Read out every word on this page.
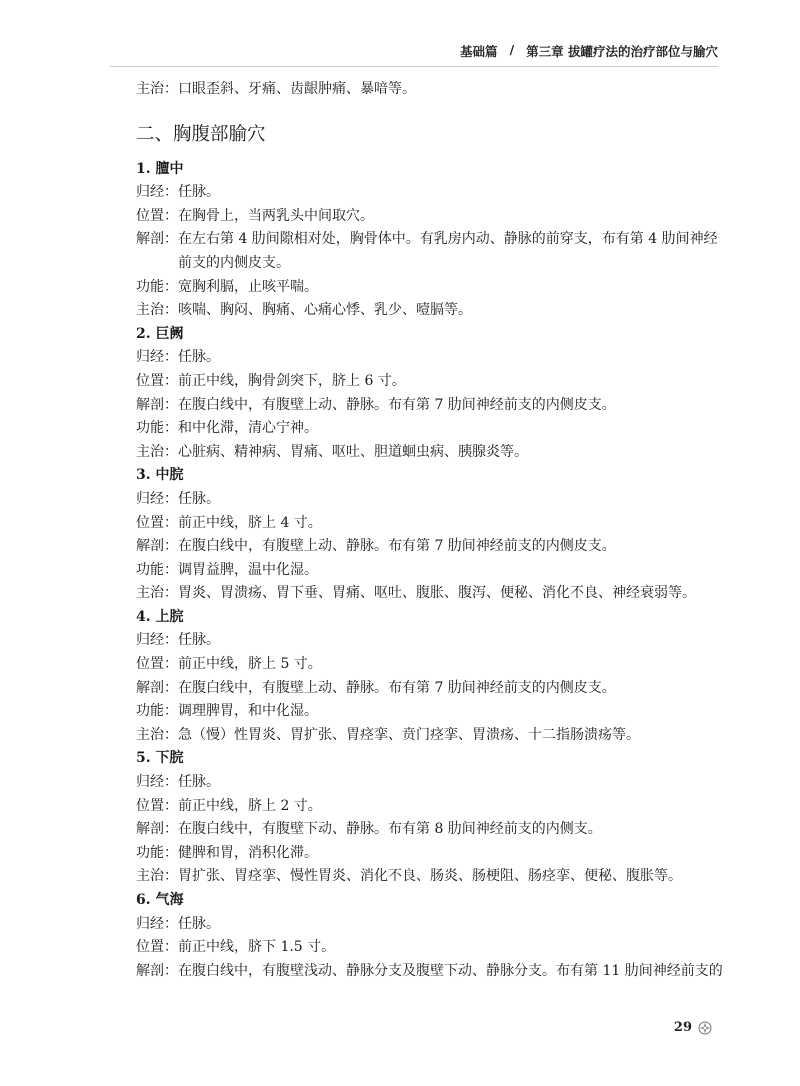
基础篇 / 第三章 拔罐疗法的治疗部位与腧穴
主治： 口眼歪斜、牙痛、齿龈肿痛、暴喑等。
二、胸腹部腧穴
1. 膻中
归经： 任脉。
位置： 在胸骨上，当两乳头中间取穴。
解剖： 在左右第 4 肋间隙相对处，胸骨体中。有乳房内动、静脉的前穿支，布有第 4 肋间神经前支的内侧皮支。
功能： 宽胸利膈，止咳平喘。
主治： 咳喘、胸闷、胸痛、心痛心悸、乳少、噎膈等。
2. 巨阙
归经： 任脉。
位置： 前正中线，胸骨剑突下，脐上 6 寸。
解剖： 在腹白线中，有腹壁上动、静脉。布有第 7 肋间神经前支的内侧皮支。
功能： 和中化滞，清心宁神。
主治： 心脏病、精神病、胃痛、呕吐、胆道蛔虫病、胰腺炎等。
3. 中脘
归经： 任脉。
位置： 前正中线，脐上 4 寸。
解剖： 在腹白线中，有腹壁上动、静脉。布有第 7 肋间神经前支的内侧皮支。
功能： 调胃益脾，温中化湿。
主治： 胃炎、胃溃疡、胃下垂、胃痛、呕吐、腹胀、腹泻、便秘、消化不良、神经衰弱等。
4. 上脘
归经： 任脉。
位置： 前正中线，脐上 5 寸。
解剖： 在腹白线中，有腹壁上动、静脉。布有第 7 肋间神经前支的内侧皮支。
功能： 调理脾胃，和中化湿。
主治： 急（慢）性胃炎、胃扩张、胃痉挛、贲门痉挛、胃溃疡、十二指肠溃疡等。
5. 下脘
归经： 任脉。
位置： 前正中线，脐上 2 寸。
解剖： 在腹白线中，有腹壁下动、静脉。布有第 8 肋间神经前支的内侧支。
功能： 健脾和胃，消积化滞。
主治： 胃扩张、胃痉挛、慢性胃炎、消化不良、肠炎、肠梗阻、肠痉挛、便秘、腹胀等。
6. 气海
归经： 任脉。
位置： 前正中线，脐下 1.5 寸。
解剖： 在腹白线中，有腹壁浅动、静脉分支及腹壁下动、静脉分支。布有第 11 肋间神经前支的
29
